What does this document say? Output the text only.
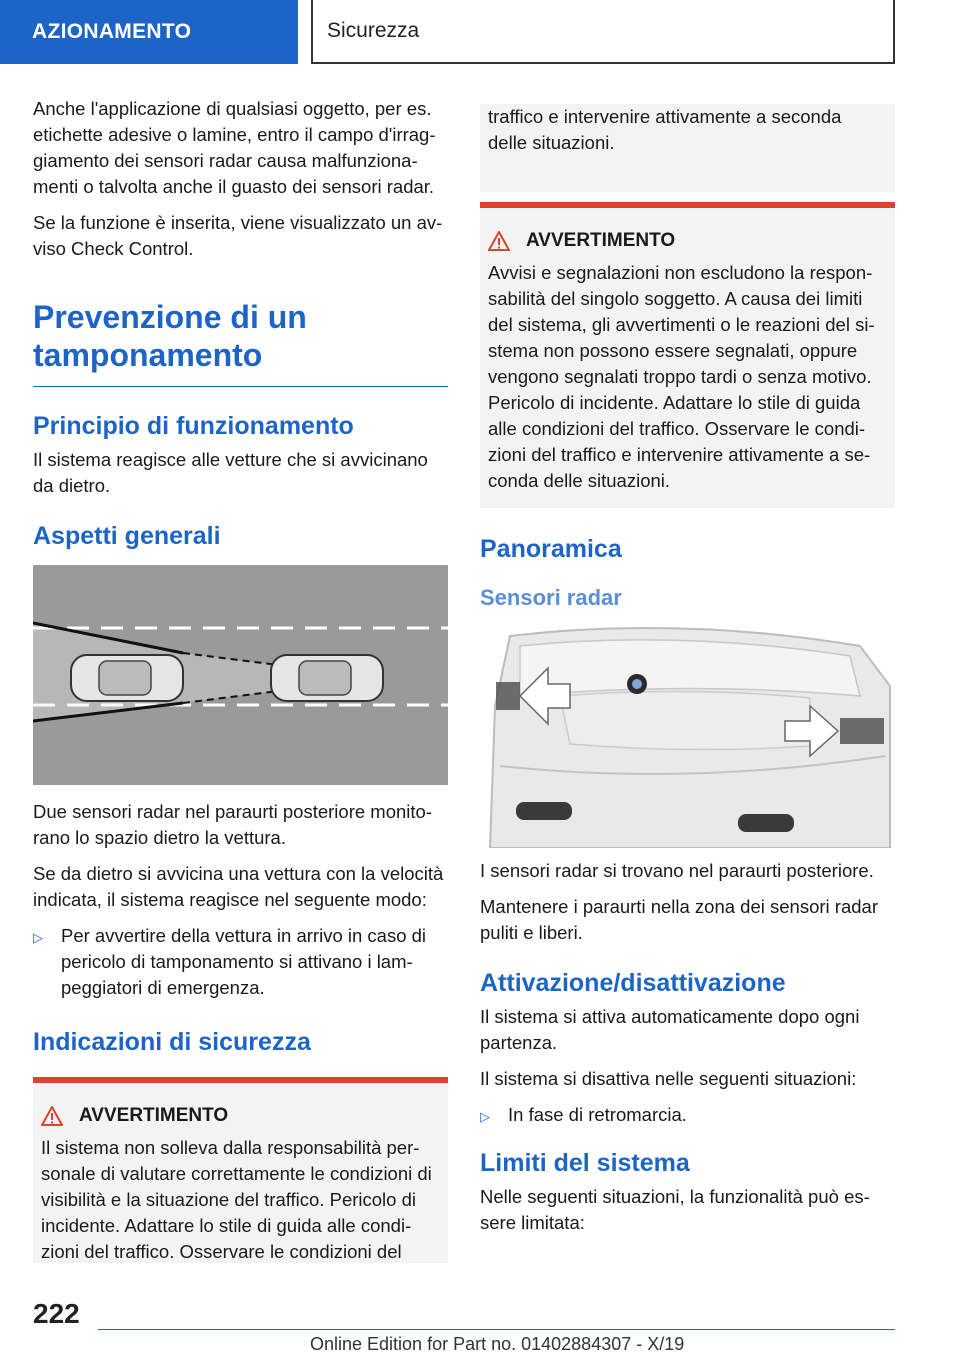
AZIONAMENTO	Sicurezza

Anche l'applicazione di qualsiasi oggetto, per es. etichette adesive o lamine, entro il campo d'irraggiamento dei sensori radar causa malfunzionamenti o talvolta anche il guasto dei sensori radar.

Se la funzione è inserita, viene visualizzato un avviso Check Control.

Prevenzione di un tamponamento
Principio di funzionamento

Il sistema reagisce alle vetture che si avvicinano da dietro.

Aspetti generali

Due sensori radar nel paraurti posteriore monitorano lo spazio dietro la vettura.

Se da dietro si avvicina una vettura con la velocità indicata, il sistema reagisce nel seguente modo:

▷ Per avvertire della vettura in arrivo in caso di pericolo di tamponamento si attivano i lampeggiatori di emergenza.
Indicazioni di sicurezza
AVVERTIMENTO

Il sistema non solleva dalla responsabilità personale di valutare correttamente le condizioni di visibilità e la situazione del traffico. Pericolo di incidente. Adattare lo stile di guida alle condizioni del traffico. Osservare le condizioni del

traffico e intervenire attivamente a seconda delle situazioni.

AVVERTIMENTO

Avvisi e segnalazioni non escludono la responsabilità del singolo soggetto. A causa dei limiti del sistema, gli avvertimenti o le reazioni del sistema non possono essere segnalati, oppure vengono segnalati troppo tardi o senza motivo. Pericolo di incidente. Adattare lo stile di guida alle condizioni del traffico. Osservare le condizioni del traffico e intervenire attivamente a seconda delle situazioni.

Panoramica
Sensori radar

I sensori radar si trovano nel paraurti posteriore.

Mantenere i paraurti nella zona dei sensori radar puliti e liberi.

Attivazione/disattivazione

Il sistema si attiva automaticamente dopo ogni partenza.

Il sistema si disattiva nelle seguenti situazioni:

▷ In fase di retromarcia.
Limiti del sistema

Nelle seguenti situazioni, la funzionalità può essere limitata:

222
Online Edition for Part no. 01402884307 - X/19
